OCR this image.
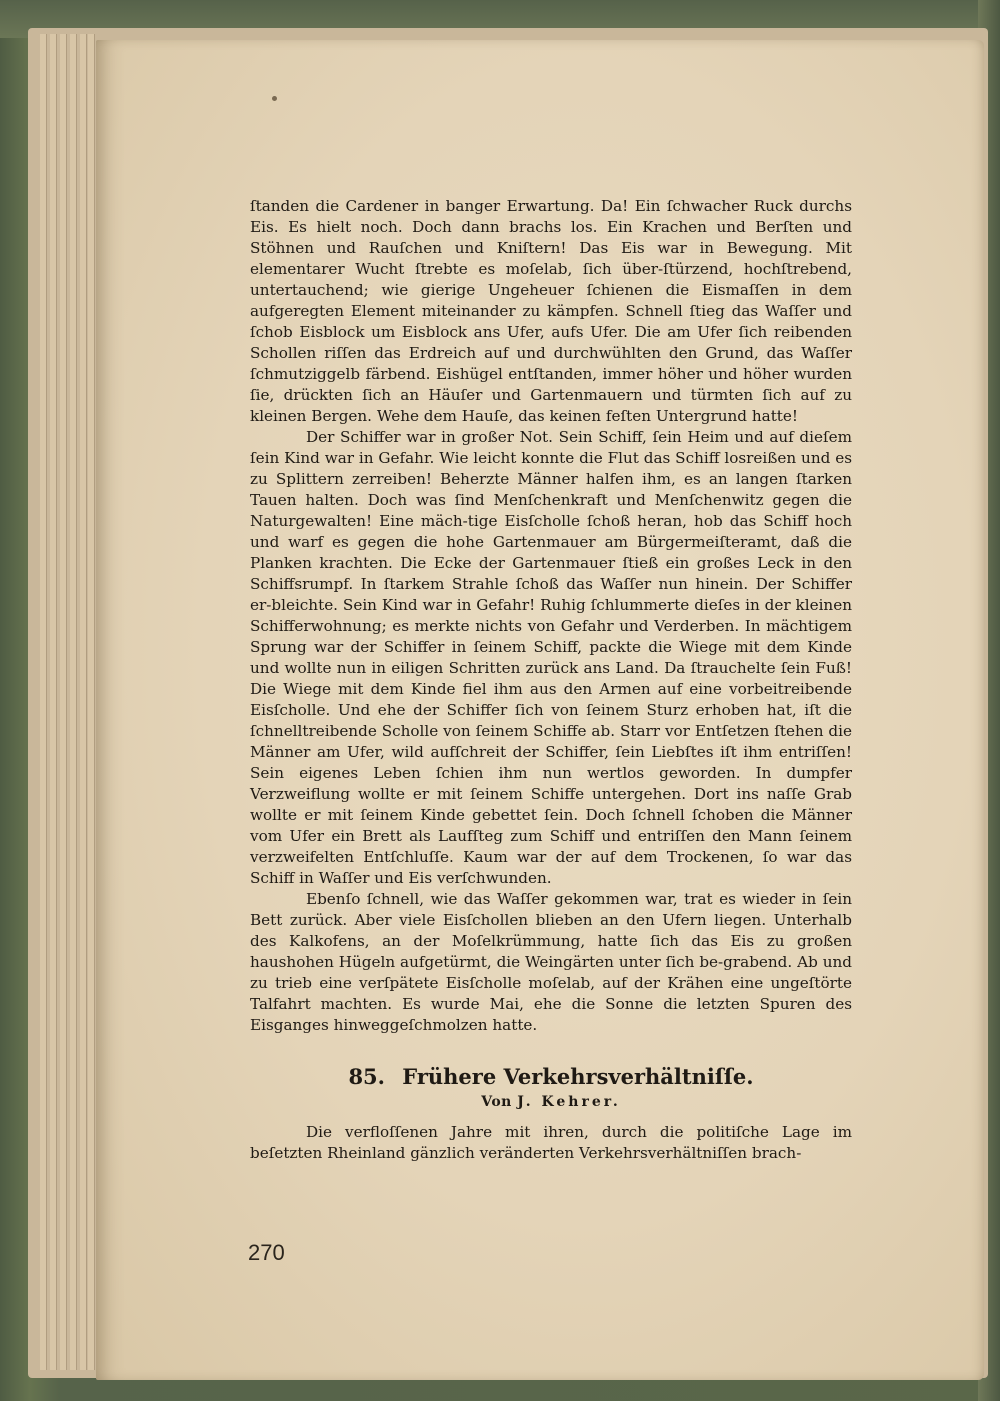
ſtanden die Cardener in banger Erwartung. Da! Ein ſchwacher Ruck durchs Eis. Es hielt noch. Doch dann brachs los. Ein Krachen und Berſten und Stöhnen und Rauſchen und Kniſtern! Das Eis war in Bewegung. Mit elementarer Wucht ſtrebte es moſelab, ſich über-ſtürzend, hochſtrebend, untertauchend; wie gierige Ungeheuer ſchienen die Eismaſſen in dem aufgeregten Element miteinander zu kämpfen. Schnell ſtieg das Waſſer und ſchob Eisblock um Eisblock ans Ufer, aufs Ufer. Die am Ufer ſich reibenden Schollen riſſen das Erdreich auf und durchwühlten den Grund, das Waſſer ſchmutziggelb färbend. Eishügel entſtanden, immer höher und höher wurden ſie, drückten ſich an Häuſer und Gartenmauern und türmten ſich auf zu kleinen Bergen. Wehe dem Hauſe, das keinen feſten Untergrund hatte!

Der Schiffer war in großer Not. Sein Schiff, ſein Heim und auf dieſem ſein Kind war in Gefahr. Wie leicht konnte die Flut das Schiff losreißen und es zu Splittern zerreiben! Beherzte Männer halfen ihm, es an langen ſtarken Tauen halten. Doch was ſind Menſchenkraft und Menſchenwitz gegen die Naturgewalten! Eine mäch-tige Eisſcholle ſchoß heran, hob das Schiff hoch und warf es gegen die hohe Gartenmauer am Bürgermeiſteramt, daß die Planken krachten. Die Ecke der Gartenmauer ſtieß ein großes Leck in den Schiffsrumpf. In ſtarkem Strahle ſchoß das Waſſer nun hinein. Der Schiffer er-bleichte. Sein Kind war in Gefahr! Ruhig ſchlummerte dieſes in der kleinen Schifferwohnung; es merkte nichts von Gefahr und Verderben. In mächtigem Sprung war der Schiffer in ſeinem Schiff, packte die Wiege mit dem Kinde und wollte nun in eiligen Schritten zurück ans Land. Da ſtrauchelte ſein Fuß! Die Wiege mit dem Kinde fiel ihm aus den Armen auf eine vorbeitreibende Eisſcholle. Und ehe der Schiffer ſich von ſeinem Sturz erhoben hat, iſt die ſchnelltreibende Scholle von ſeinem Schiffe ab. Starr vor Entſetzen ſtehen die Männer am Ufer, wild aufſchreit der Schiffer, ſein Liebſtes iſt ihm entriſſen! Sein eigenes Leben ſchien ihm nun wertlos geworden. In dumpfer Verzweiflung wollte er mit ſeinem Schiffe untergehen. Dort ins naſſe Grab wollte er mit ſeinem Kinde gebettet ſein. Doch ſchnell ſchoben die Männer vom Ufer ein Brett als Laufſteg zum Schiff und entriſſen den Mann ſeinem verzweifelten Entſchluſſe. Kaum war der auf dem Trockenen, ſo war das Schiff in Waſſer und Eis verſchwunden.

Ebenſo ſchnell, wie das Waſſer gekommen war, trat es wieder in ſein Bett zurück. Aber viele Eisſchollen blieben an den Ufern liegen. Unterhalb des Kalkofens, an der Moſelkrümmung, hatte ſich das Eis zu großen haushohen Hügeln aufgetürmt, die Weingärten unter ſich be-grabend. Ab und zu trieb eine verſpätete Eisſcholle moſelab, auf der Krähen eine ungeſtörte Talfahrt machten. Es wurde Mai, ehe die Sonne die letzten Spuren des Eisganges hinweggeſchmolzen hatte.

85. Frühere Verkehrsverhältniſſe.
Von J. Kehrer.

Die verfloſſenen Jahre mit ihren, durch die politiſche Lage im beſetzten Rheinland gänzlich veränderten Verkehrsverhältniſſen brach-

270
